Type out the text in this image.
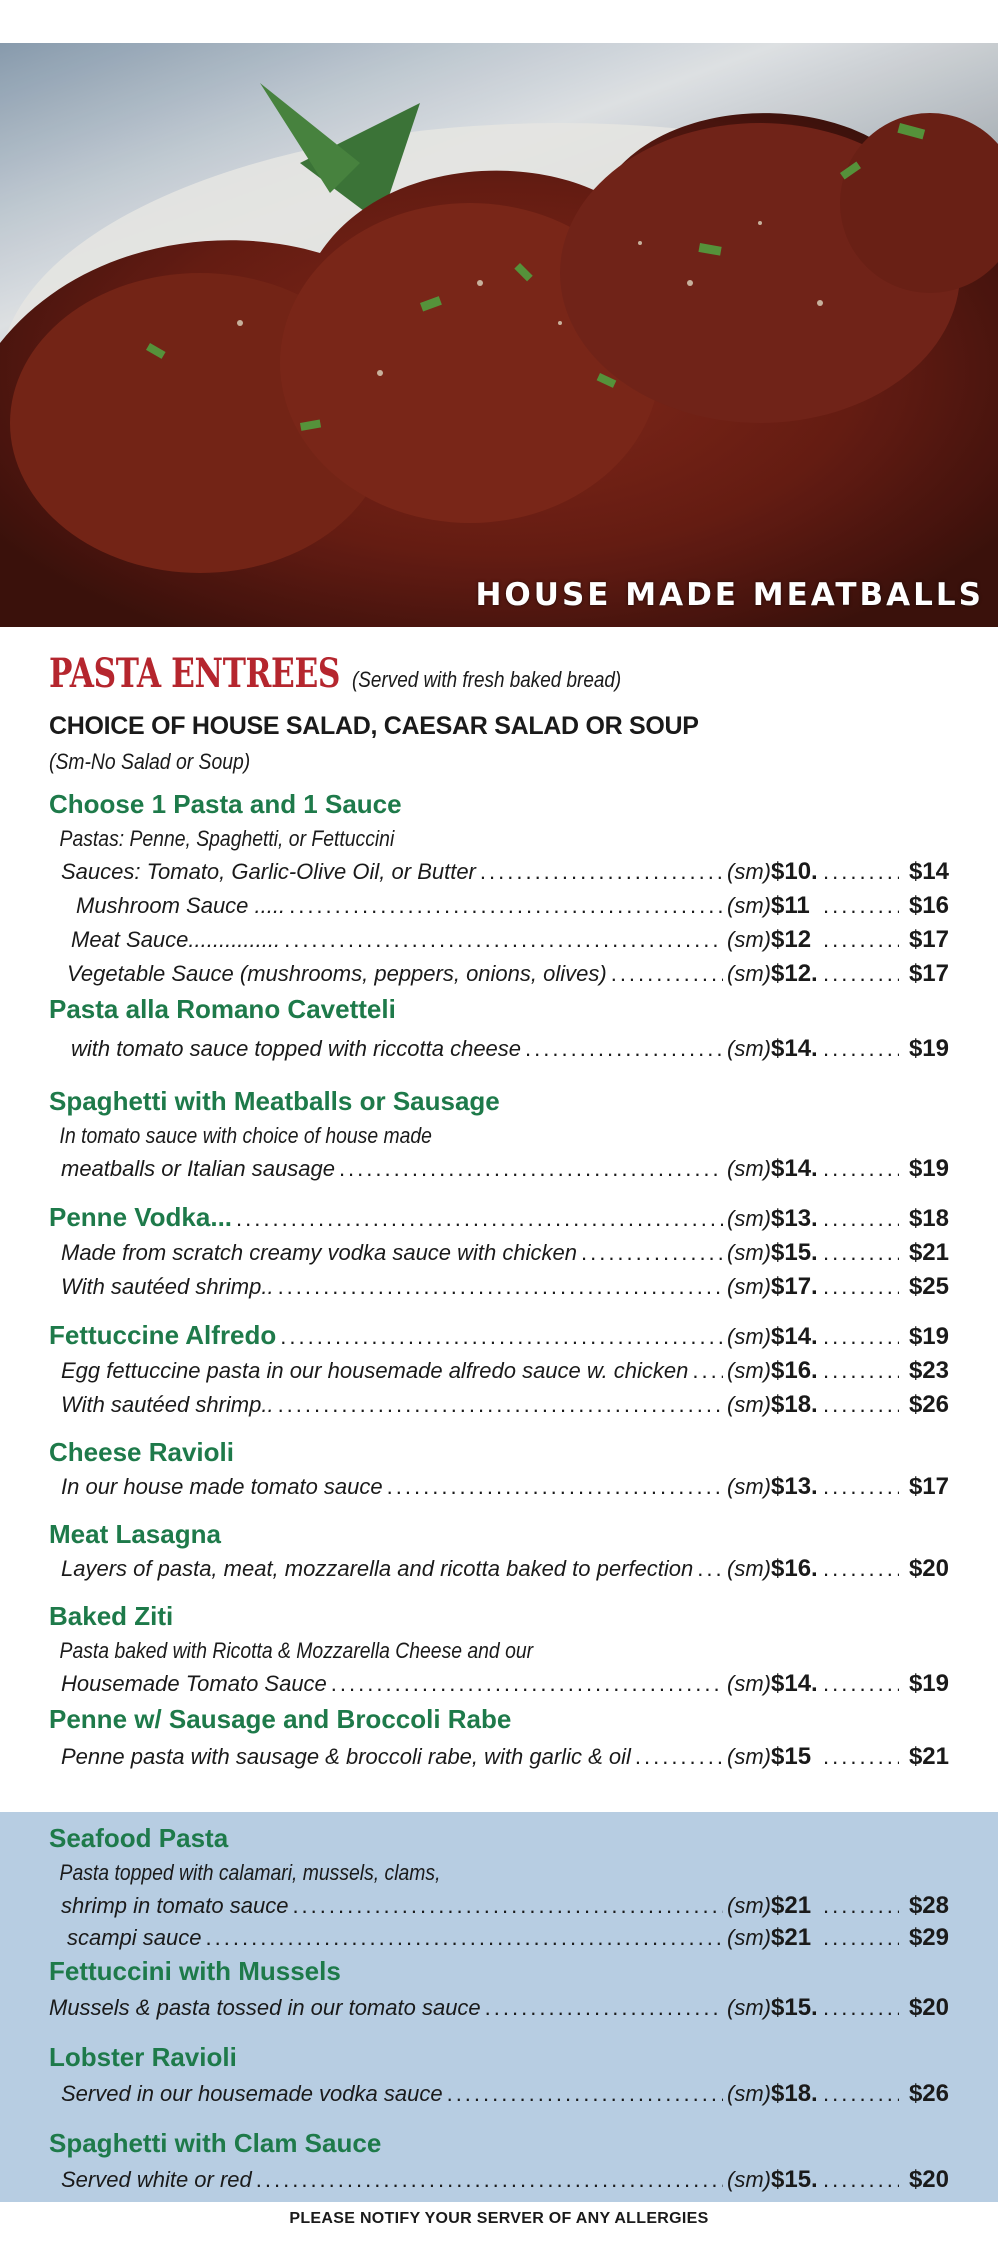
HOUSE MADE MEATBALLS
PASTA ENTREES (Served with fresh baked bread)
CHOICE OF HOUSE SALAD, CAESAR SALAD OR SOUP
(Sm-No Salad or Soup)
Choose 1 Pasta and 1 Sauce
Pastas: Penne, Spaghetti, or Fettuccini
Sauces: Tomato, Garlic-Olive Oil, or Butter .....	(sm) $10. .....	$14
Mushroom Sauce ..... .....	(sm) $11 .....	$16
Meat Sauce............... .....	(sm) $12 .....	$17
Vegetable Sauce (mushrooms, peppers, onions, olives) .....	(sm) $12. .....	$17
Pasta alla Romano Cavetteli
with tomato sauce topped with riccotta cheese .....	(sm) $14. .....	$19
Spaghetti with Meatballs or Sausage
In tomato sauce with choice of house made
meatballs or Italian sausage .....	(sm) $14. .....	$19
Penne Vodka... .....	(sm) $13. .....	$18
Made from scratch creamy vodka sauce with chicken .....	(sm) $15. .....	$21
With sautéed shrimp.. .....	(sm) $17. .....	$25
Fettuccine Alfredo .....	(sm) $14. .....	$19
Egg fettuccine pasta in our housemade alfredo sauce w. chicken ..... (sm) $16. .....	$23
With sautéed shrimp.. .....	(sm) $18. .....	$26
Cheese Ravioli
In our house made tomato sauce .....	(sm) $13. .....	$17
Meat Lasagna
Layers of pasta, meat, mozzarella and ricotta baked to perfection ..... (sm) $16. .....	$20
Baked Ziti
Pasta baked with Ricotta & Mozzarella Cheese and our
Housemade Tomato Sauce .....	(sm) $14. .....	$19
Penne w/ Sausage and Broccoli Rabe
Penne pasta with sausage & broccoli rabe, with garlic & oil .....	(sm) $15 .....	$21
Seafood Pasta
Pasta topped with calamari, mussels, clams,
shrimp in tomato sauce .....	(sm) $21 .....	$28
scampi sauce .....	(sm) $21 .....	$29
Fettuccini with Mussels
Mussels & pasta tossed in our tomato sauce .....	(sm) $15. .....	$20
Lobster Ravioli
Served in our housemade vodka sauce .....	(sm) $18. .....	$26
Spaghetti with Clam Sauce
Served white or red .....	(sm) $15. .....	$20
PLEASE NOTIFY YOUR SERVER OF ANY ALLERGIES
